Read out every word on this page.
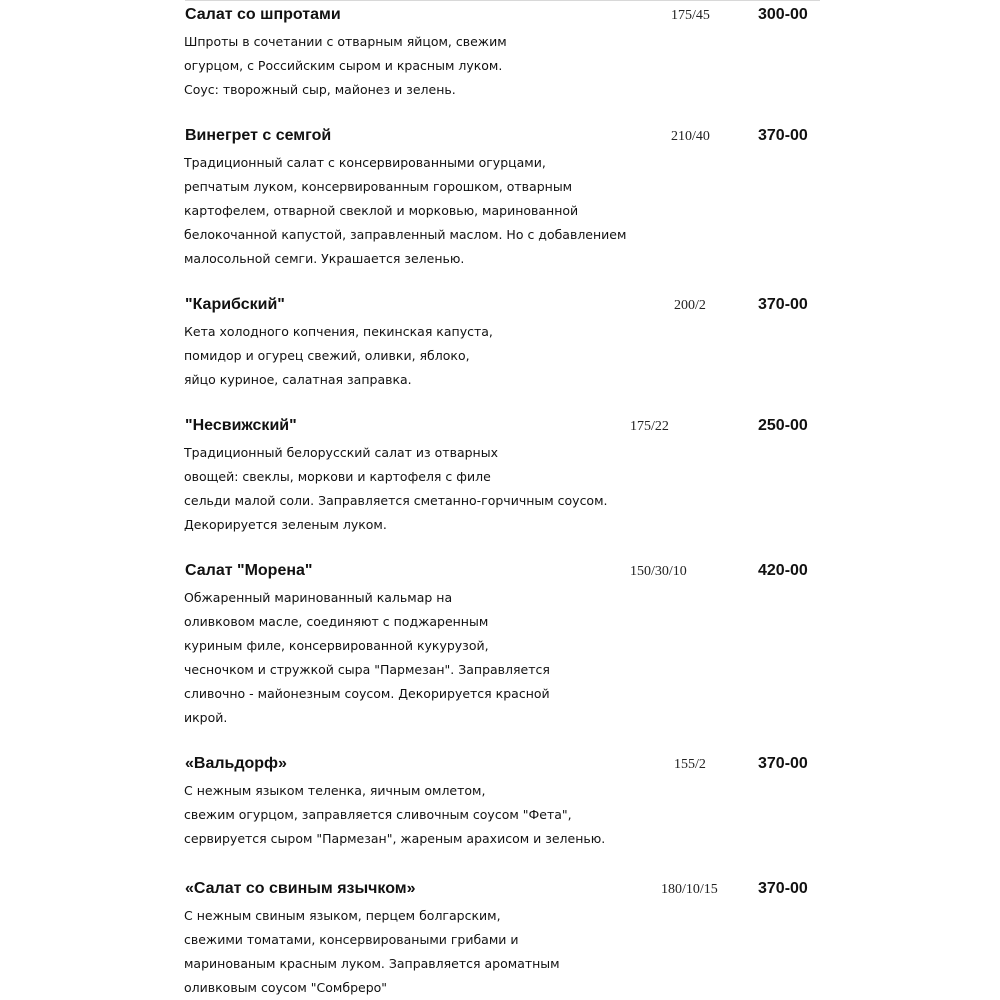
Салат со шпротами	175/45	300-00
Шпроты в сочетании с отварным яйцом, свежим
огурцом, с Российским сыром и красным луком.
Соус: творожный сыр, майонез и зелень.
Винегрет с семгой	210/40	370-00
Традиционный салат с консервированными огурцами,
репчатым луком, консервированным горошком, отварным
картофелем, отварной свеклой и морковью, маринованной
белокочанной капустой, заправленный маслом. Но с добавлением
малосольной семги. Украшается зеленью.
"Карибский"	200/2	370-00
Кета холодного копчения, пекинская капуста,
помидор и огурец свежий, оливки, яблоко,
яйцо куриное, салатная заправка.
"Несвижский"	175/22	250-00
Традиционный белорусский салат из отварных
овощей: свеклы, моркови и картофеля с филе
сельди малой соли. Заправляется сметанно-горчичным соусом.
Декорируется зеленым луком.
Салат "Морена"	150/30/10	420-00
Обжаренный маринованный кальмар на
оливковом масле, соединяют с поджаренным
куриным филе, консервированной кукурузой,
чесночком и стружкой сыра "Пармезан". Заправляется
сливочно - майонезным соусом. Декорируется красной
икрой.
«Вальдорф»	155/2	370-00
С нежным языком теленка, яичным омлетом,
свежим огурцом, заправляется сливочным соусом "Фета",
сервируется сыром "Пармезан", жареным арахисом и зеленью.
«Салат со свиным язычком»	180/10/15	370-00
С нежным свиным языком, перцем болгарским,
свежими томатами, консервироваными грибами и
маринованым красным луком. Заправляется ароматным
оливковым соусом "Сомбреро"
